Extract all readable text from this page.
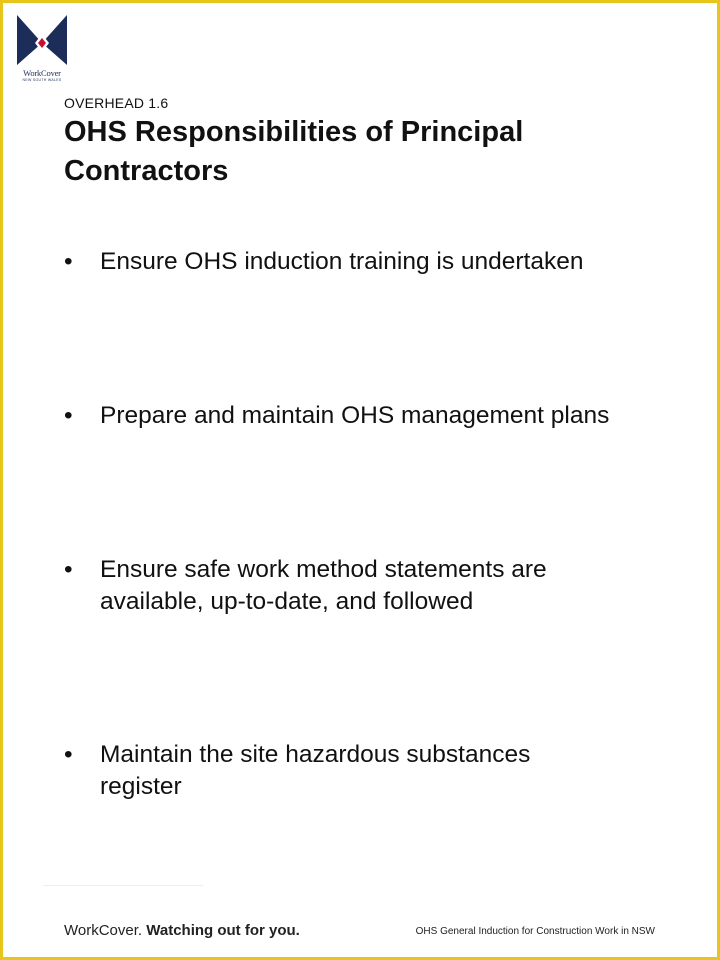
WorkCover
NEW SOUTH WALES
OVERHEAD 1.6
OHS Responsibilities of Principal Contractors
•	Ensure OHS induction training is undertaken
•	Prepare and maintain OHS management plans
•	Ensure safe work method statements are available, up-to-date, and followed
•	Maintain the site hazardous substances register
WorkCover. Watching out for you.	OHS General Induction for Construction Work in NSW
